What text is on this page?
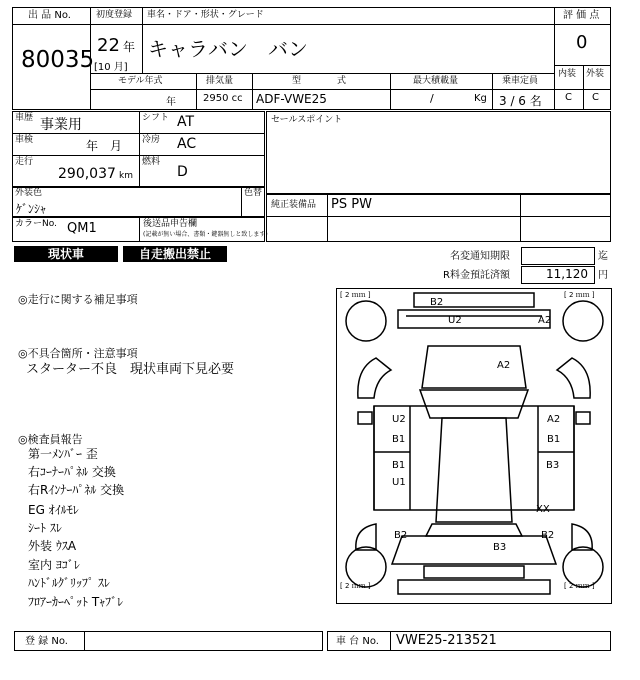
出 品 No.
80035
初度登録
22 年
[10 月]
車名・ドア・形状・グレード
キャラバン　バン
モデル年式
年
排気量
2950 cc
型　　　　式
ADF-VWE25
最大積載量
/	Kg
乗車定員
3 / 6 名
評 価 点
0
内装 外装
C C
車歴 事業用
車検	年　月
走行
290,037 km
シフト AT
冷房 AC
燃料
D
セールスポイント
外装色
ｹﾞﾝｼｬ
色替
純正装備品 PS PW
カラーNo. QM1	後送品申告欄
(記載が無い場合、書類・鍵器無しと致します)
現状車	自走搬出禁止	名変通知期限	迄
R料金預託済額	11,120 円
◎走行に関する補足事項
◎不具合箇所・注意事項
スターター不良　現状車両下見必要
◎検査員報告
第一ﾒﾝﾊﾞｰ 歪
右ｺｰﾅｰﾊﾟﾈﾙ 交換
右Rｲﾝﾅｰﾊﾟﾈﾙ 交換
EG ｵｲﾙﾓﾚ
ｼｰﾄ ｽﾚ
外装 ｳｽA
室内 ﾖｺﾞﾚ
ﾊﾝﾄﾞﾙｸﾞﾘｯﾌﾟ ｽﾚ
ﾌﾛｱｰｶｰﾍﾟｯﾄ Tｬﾌﾞﾚ
[ 2 ｍｍ ]	[ 2 ｍｍ ]
[ 2 ｍｍ ]	[ 2 ｍｍ ]
B2
U2	A2
A2
U2
B1
B1
U1
A2
B1
B3
XX
B2
B2
B3
登 録 No.	車 台 No. VWE25-213521
